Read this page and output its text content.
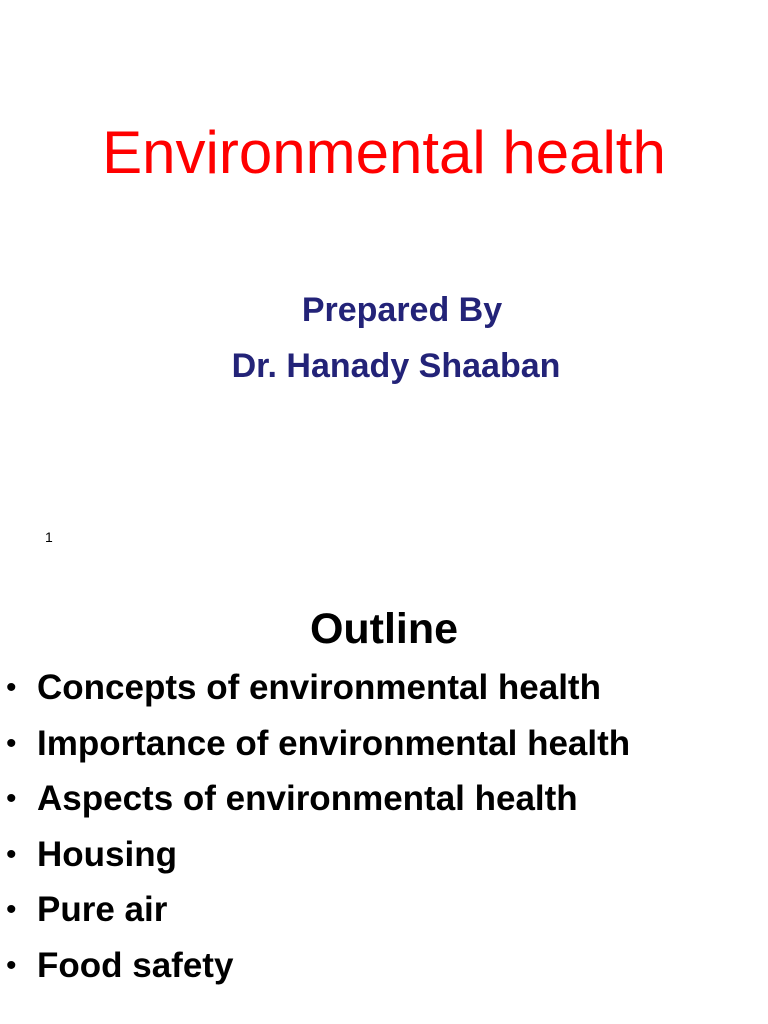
Environmental health

Prepared By

Dr. Hanady Shaaban

1
Outline
• Concepts of environmental health
• Importance of environmental health
• Aspects of environmental health
• Housing
• Pure air
• Food safety
